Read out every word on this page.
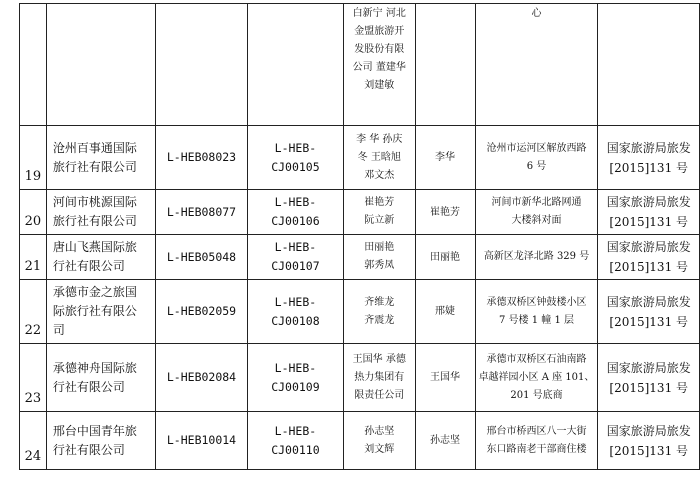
				白新宁 河北
金盟旅游开
发股份有限
公司 董建华
刘建敏		心	

19	沧州百事通国际
旅行社有限公司	L-HEB08023	L-HEB-CJ00105	李 华 孙庆
冬 王晗旭
邓文杰	李华	沧州市运河区解放西路
6 号	国家旅游局旅发
[2015]131 号

20	河间市桃源国际
旅行社有限公司	L-HEB08077	L-HEB-CJ00106	崔艳芳
阮立新	崔艳芳	河间市新华北路网通
大楼斜对面	国家旅游局旅发
[2015]131 号

21	唐山飞燕国际旅
行社有限公司	L-HEB05048	L-HEB-CJ00107	田丽艳
郭秀凤	田丽艳	高新区龙泽北路 329 号	国家旅游局旅发
[2015]131 号

22	承德市金之旅国
际旅行社有限公
司	L-HEB02059	L-HEB-CJ00108	齐维龙
齐震龙	邢婕	承德双桥区钟鼓楼小区
7 号楼 1 幢 1 层	国家旅游局旅发
[2015]131 号

23	承德神舟国际旅
行社有限公司	L-HEB02084	L-HEB-CJ00109	王国华 承德
热力集团有
限责任公司	王国华	承德市双桥区石油南路
卓越祥园小区 A 座 101、
201 号底商	国家旅游局旅发
[2015]131 号

24	邢台中国青年旅
行社有限公司	L-HEB10014	L-HEB-CJ00110	孙志坚
刘文辉	孙志坚	邢台市桥西区八一大街
东口路南老干部商住楼	国家旅游局旅发
[2015]131 号
